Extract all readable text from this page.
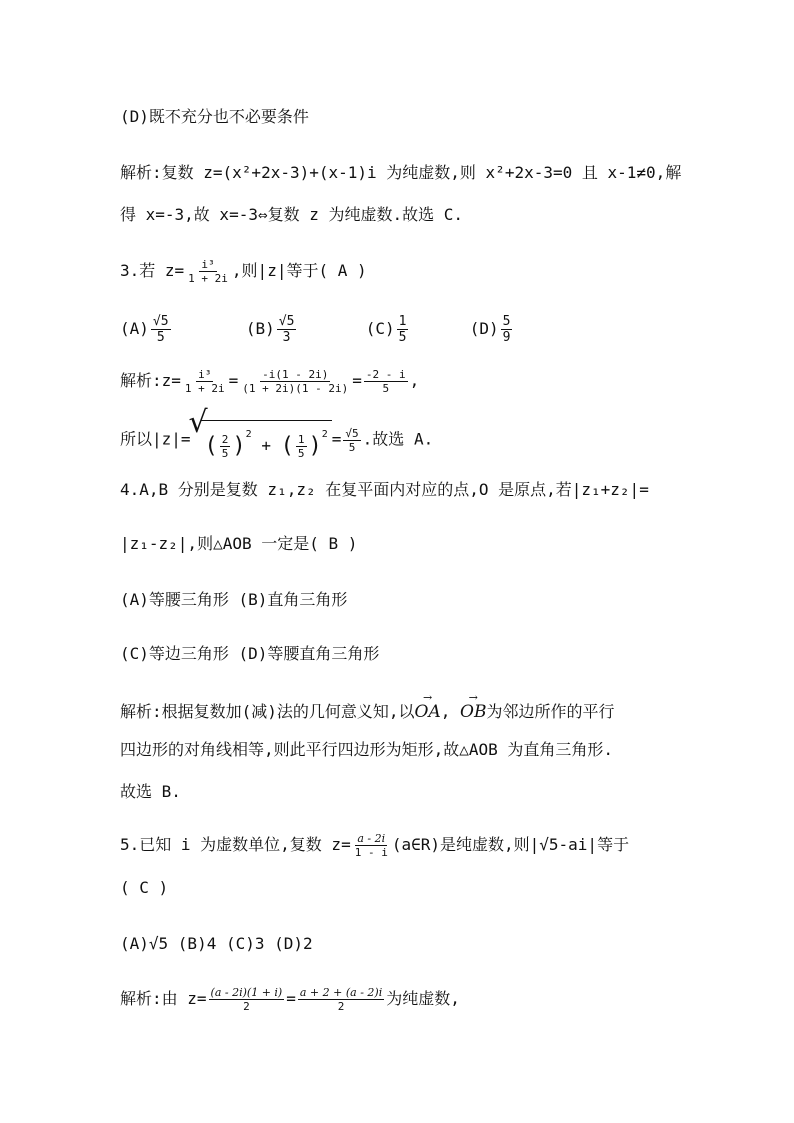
(D)既不充分也不必要条件
解析:复数 z=(x²+2x-3)+(x-1)i 为纯虚数,则 x²+2x-3=0 且 x-1≠0,解
得 x=-3,故 x=-3⇔复数 z 为纯虚数.故选 C.
3.若 $z= \frac{\text{i³}}{1 + 2i}$ ,则|z|等于( A )
$(A) \frac{√5}{5}$	$(B) \frac{√5}{3}$	$(C) \frac{1}{5}$	$(D) \frac{5}{9}$
解析:z= $\frac{\text{i³}}{1 + 2i} = \frac{-i(1 - 2i)}{(1 + 2i)(1 - 2i)} = \frac{-2 - i}{5}$ ,
所以|z|= √ ( $\frac{2}{5} )^2$ + ( $\frac{1}{5} )^2 = \frac{√5}{5}$ .故选 A.
4.A,B 分别是复数 z₁,z₂ 在复平面内对应的点,O 是原点,若|z₁+z₂|=
|z₁-z₂|,则△AOB 一定是( B )
(A)等腰三角形 (B)直角三角形
(C)等边三角形 (D)等腰直角三角形
解析:根据复数加(减)法的几何意义知,以→ OA, → OB为邻边所作的平行
四边形的对角线相等,则此平行四边形为矩形,故△AOB 为直角三角形.
故选 B.
5.已知 i 为虚数单位,复数 $z= \frac{a - 2i}{1 - i}$ (a∈R)是纯虚数,则|√5-ai|等于
( C )
(A)√5 (B)4 (C)3 (D)2
解析:由 $z= \frac{(a - 2i)(1 + i)}{2} = \frac{a + 2 + (a - 2)i}{2}$ 为纯虚数,
